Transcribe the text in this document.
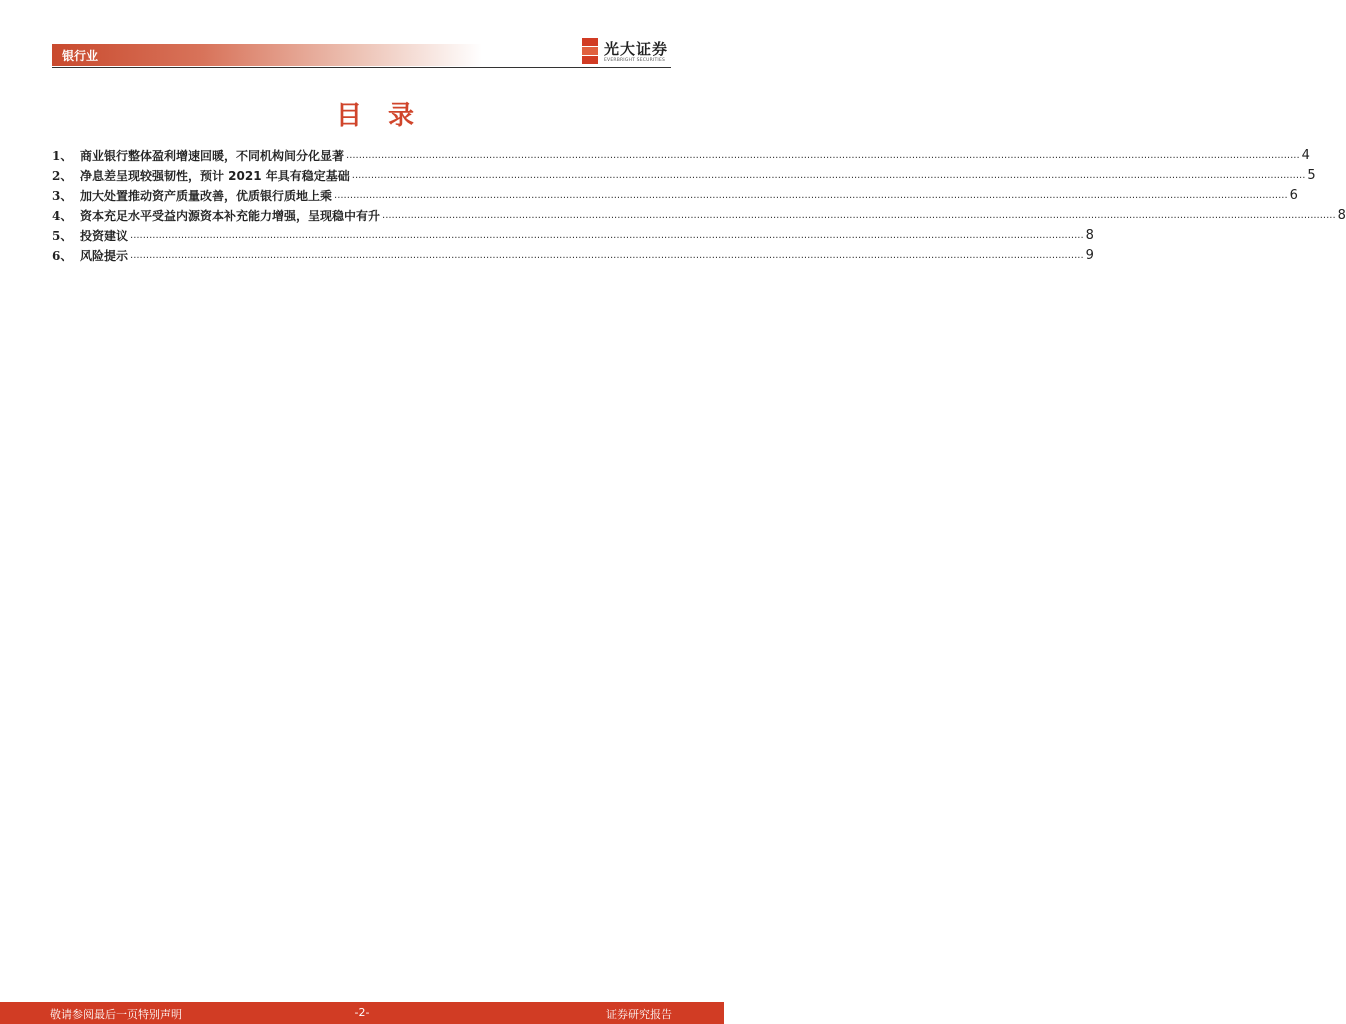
银行业	光大证券
EVERBRIGHT SECURITIES
目录
1、 商业银行整体盈利增速回暖，不同机构间分化显著 ............................................................................................................................................................................................................................................................................................................ 4
2、 净息差呈现较强韧性，预计 2021 年具有稳定基础 ............................................................................................................................................................................................................................................................................................................ 5
3、 加大处置推动资产质量改善，优质银行质地上乘 ............................................................................................................................................................................................................................................................................................................ 6
4、 资本充足水平受益内源资本补充能力增强，呈现稳中有升 ............................................................................................................................................................................................................................................................................................................ 8
5、 投资建议 ............................................................................................................................................................................................................................................................................................................ 8
6、 风险提示 ............................................................................................................................................................................................................................................................................................................ 9
敬请参阅最后一页特别声明	-2-	证券研究报告
